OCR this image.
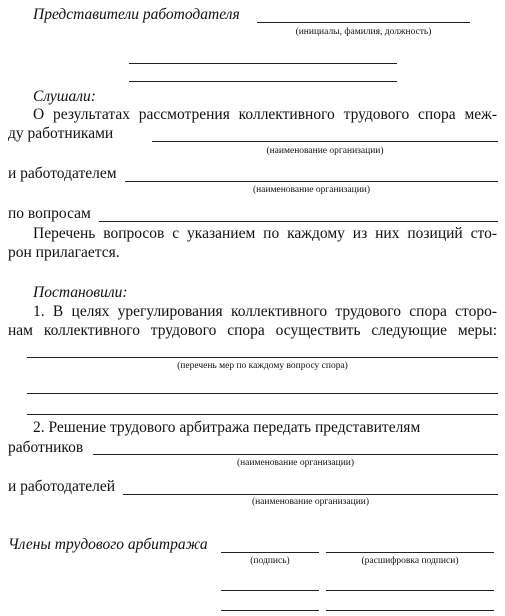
Представители работодателя
(инициалы, фамилия, должность)
Слушали:
О результатах рассмотрения коллективного трудового спора меж-
ду работниками
(наименование организации)
и работодателем
(наименование организации)
по вопросам
Перечень вопросов с указанием по каждому из них позиций сто-
рон прилагается.
Постановили:
1. В целях урегулирования коллективного трудового спора сторо-
нам коллективного трудового спора осуществить следующие меры:
(перечень мер по каждому вопросу спора)
2. Решение трудового арбитража передать представителям
работников
(наименование организации)
и работодателей
(наименование организации)
Члены трудового арбитража
(подпись)	(расшифровка подписи)
